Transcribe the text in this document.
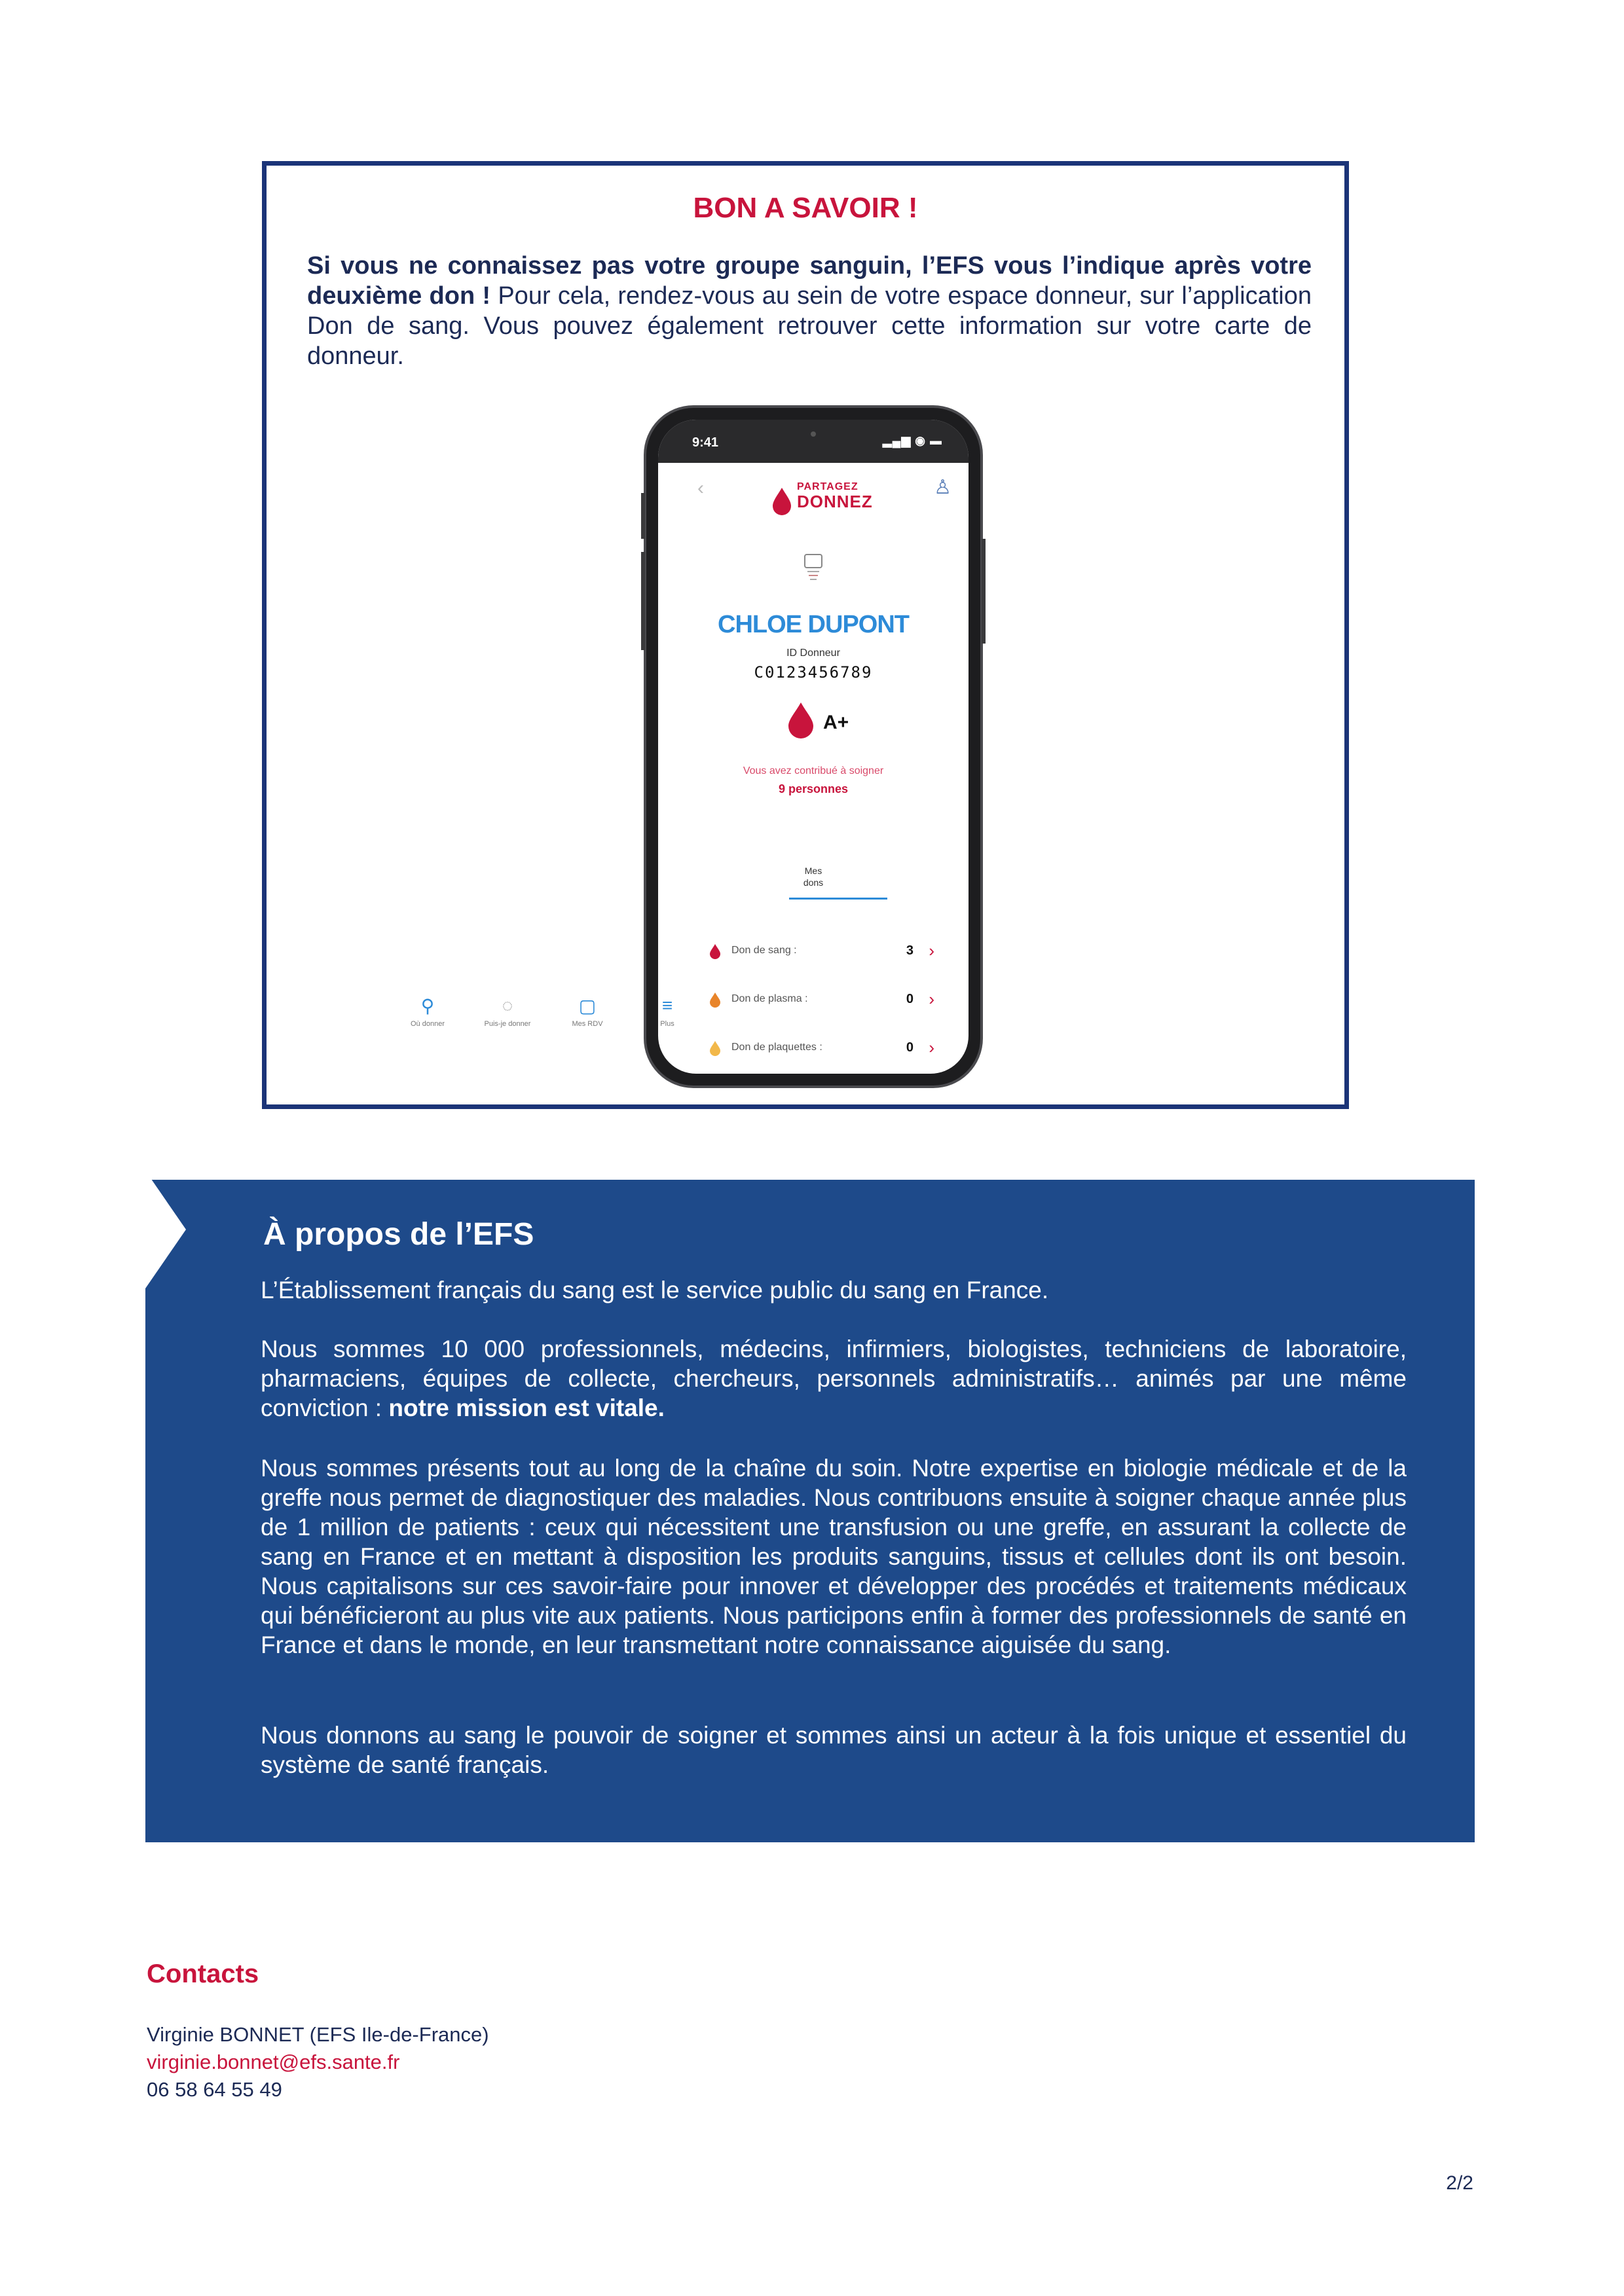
BON A SAVOIR !
Si vous ne connaissez pas votre groupe sanguin, l’EFS vous l’indique après votre deuxième don ! Pour cela, rendez-vous au sein de votre espace donneur, sur l’application Don de sang. Vous pouvez également retrouver cette information sur votre carte de donneur.
9:41	▂▄▆ ◉ ▬
‹	PARTAGEZ
DONNEZ
♙
CHLOE DUPONT
ID Donneur
C0123456789
A+
Vous avez contribué à soigner
9 personnes
Mes
dons
Don de sang :	3 ›
Don de plasma :	0 ›
Don de plaquettes :	0 ›
⚲
Où donner
◌
Puis-je donner
▢
Mes RDV
≡
Plus
À propos de l’EFS
L’Établissement français du sang est le service public du sang en France.
Nous sommes 10 000 professionnels, médecins, infirmiers, biologistes, techniciens de laboratoire, pharmaciens, équipes de collecte, chercheurs, personnels administratifs… animés par une même conviction : notre mission est vitale.
Nous sommes présents tout au long de la chaîne du soin. Notre expertise en biologie médicale et de la greffe nous permet de diagnostiquer des maladies. Nous contribuons ensuite à soigner chaque année plus de 1 million de patients : ceux qui nécessitent une transfusion ou une greffe, en assurant la collecte de sang en France et en mettant à disposition les produits sanguins, tissus et cellules dont ils ont besoin. Nous capitalisons sur ces savoir-faire pour innover et développer des procédés et traitements médicaux qui bénéficieront au plus vite aux patients. Nous participons enfin à former des professionnels de santé en France et dans le monde, en leur transmettant notre connaissance aiguisée du sang.
Nous donnons au sang le pouvoir de soigner et sommes ainsi un acteur à la fois unique et essentiel du système de santé français.
Contacts
Virginie BONNET (EFS Ile-de-France)
virginie.bonnet@efs.sante.fr
06 58 64 55 49
2/2
